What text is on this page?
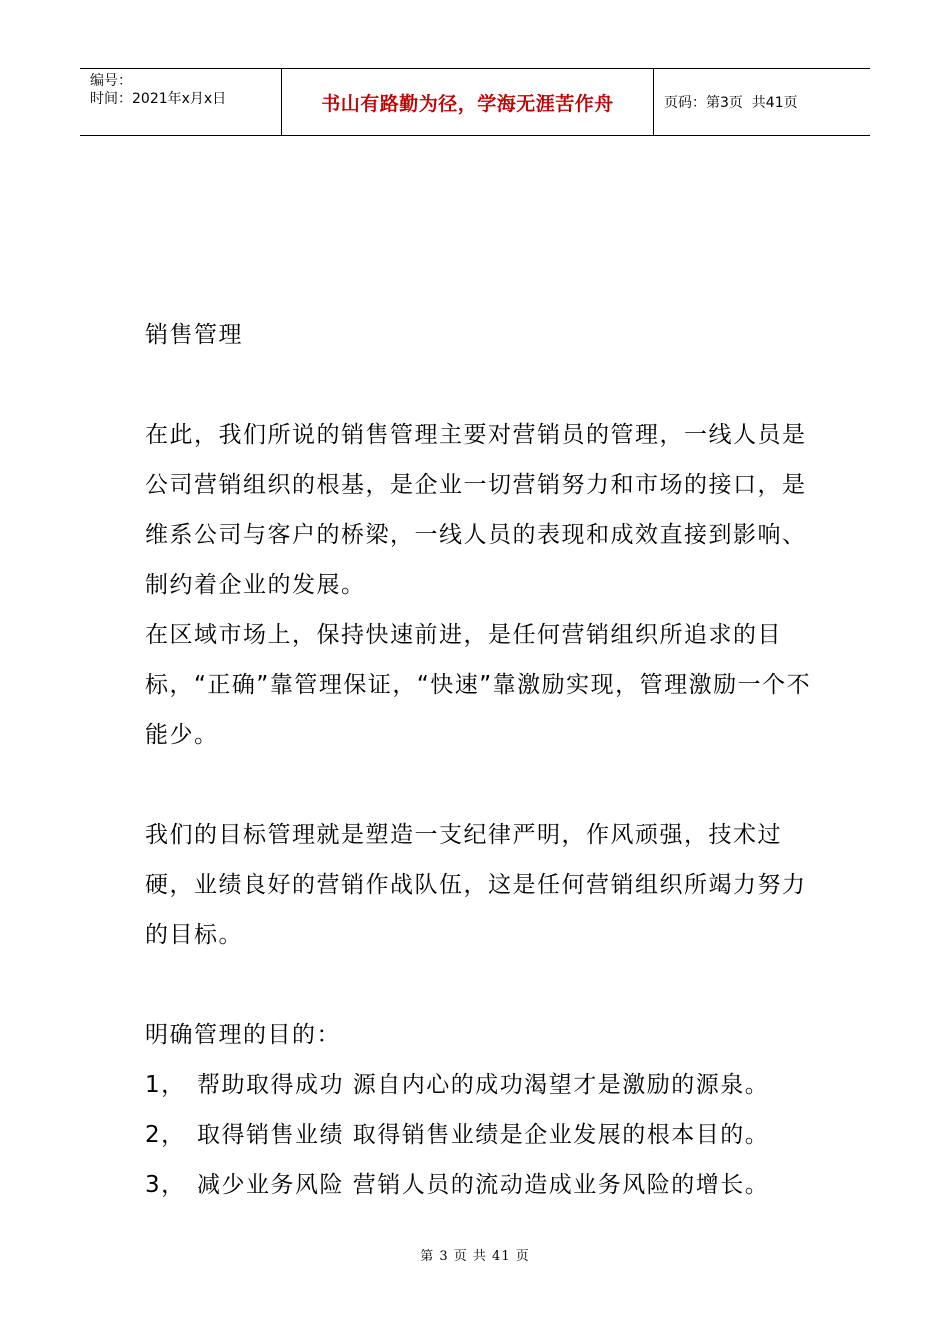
编号：
时间：2021年x月x日	书山有路勤为径，学海无涯苦作舟	页码：第3页  共41页

销售管理

在此，我们所说的销售管理主要对营销员的管理，一线人员是公司营销组织的根基，是企业一切营销努力和市场的接口，是维系公司与客户的桥梁，一线人员的表现和成效直接到影响、制约着企业的发展。

在区域市场上，保持快速前进，是任何营销组织所追求的目标，“正确”靠管理保证，“快速”靠激励实现，管理激励一个不能少。

我们的目标管理就是塑造一支纪律严明，作风顽强，技术过硬，业绩良好的营销作战队伍，这是任何营销组织所竭力努力的目标。

明确管理的目的：

1， 帮助取得成功 源自内心的成功渴望才是激励的源泉。
2， 取得销售业绩 取得销售业绩是企业发展的根本目的。
3， 减少业务风险 营销人员的流动造成业务风险的增长。
第 3 页 共 41 页
